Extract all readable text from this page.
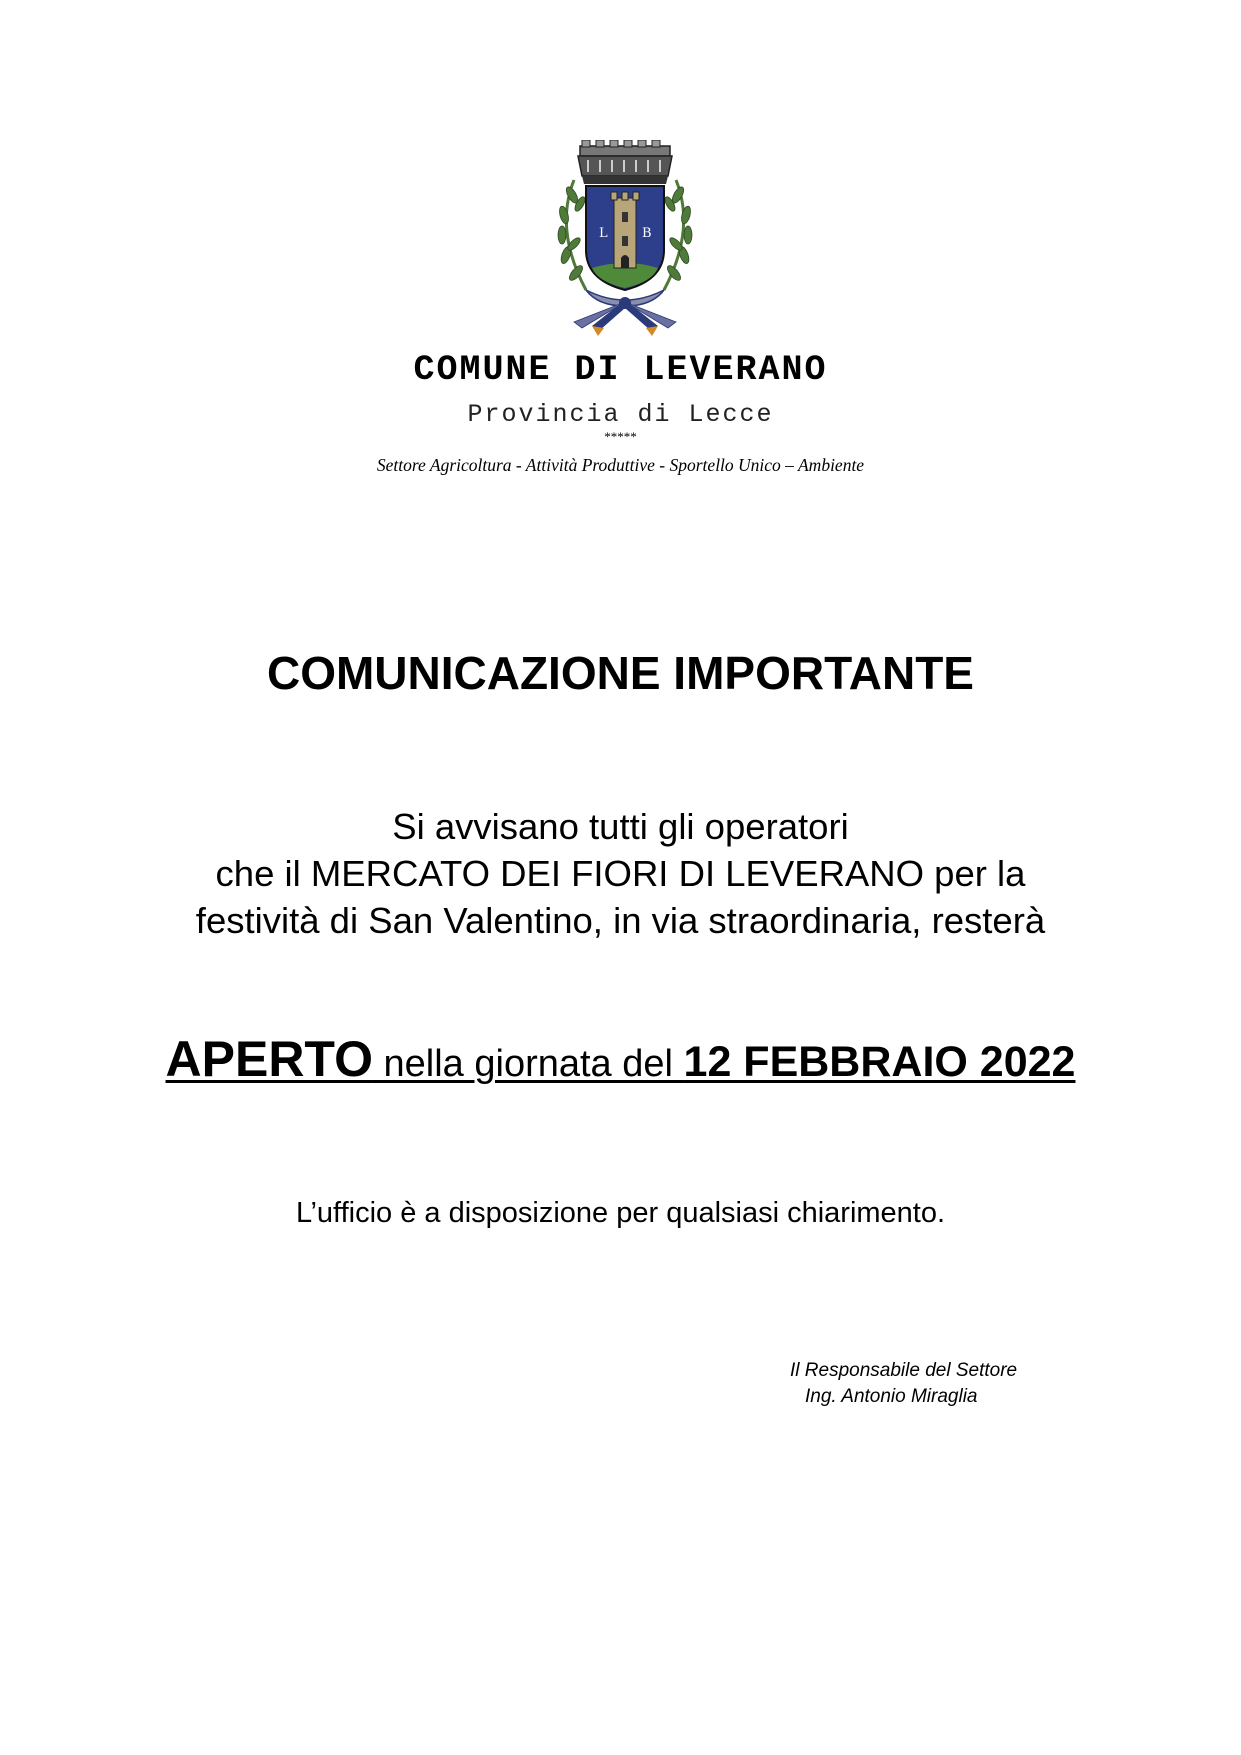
L	B
COMUNE DI LEVERANO
Provincia di Lecce
*****
Settore Agricoltura - Attività Produttive - Sportello Unico – Ambiente
COMUNICAZIONE IMPORTANTE
Si avvisano tutti gli operatori
che il MERCATO DEI FIORI DI LEVERANO per la
festività di San Valentino, in via straordinaria, resterà
APERTO nella giornata del 12 FEBBRAIO 2022
L’ufficio è a disposizione per qualsiasi chiarimento.
Il Responsabile del Settore
Ing. Antonio Miraglia
